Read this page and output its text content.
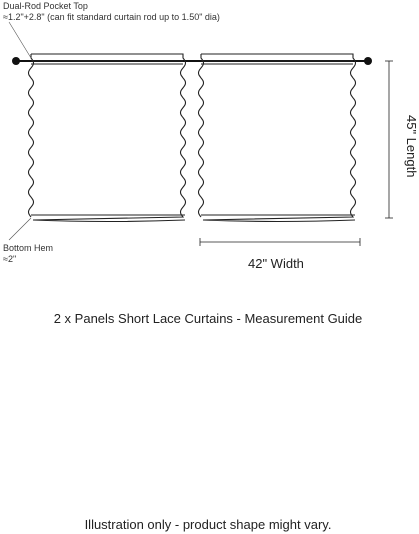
Dual-Rod Pocket Top
≈1.2"+2.8" (can fit standard curtain rod up to 1.50" dia)
Bottom Hem
≈2"	42" Width
45" Length
2 x Panels Short Lace Curtains - Measurement Guide
Illustration only - product shape might vary.
